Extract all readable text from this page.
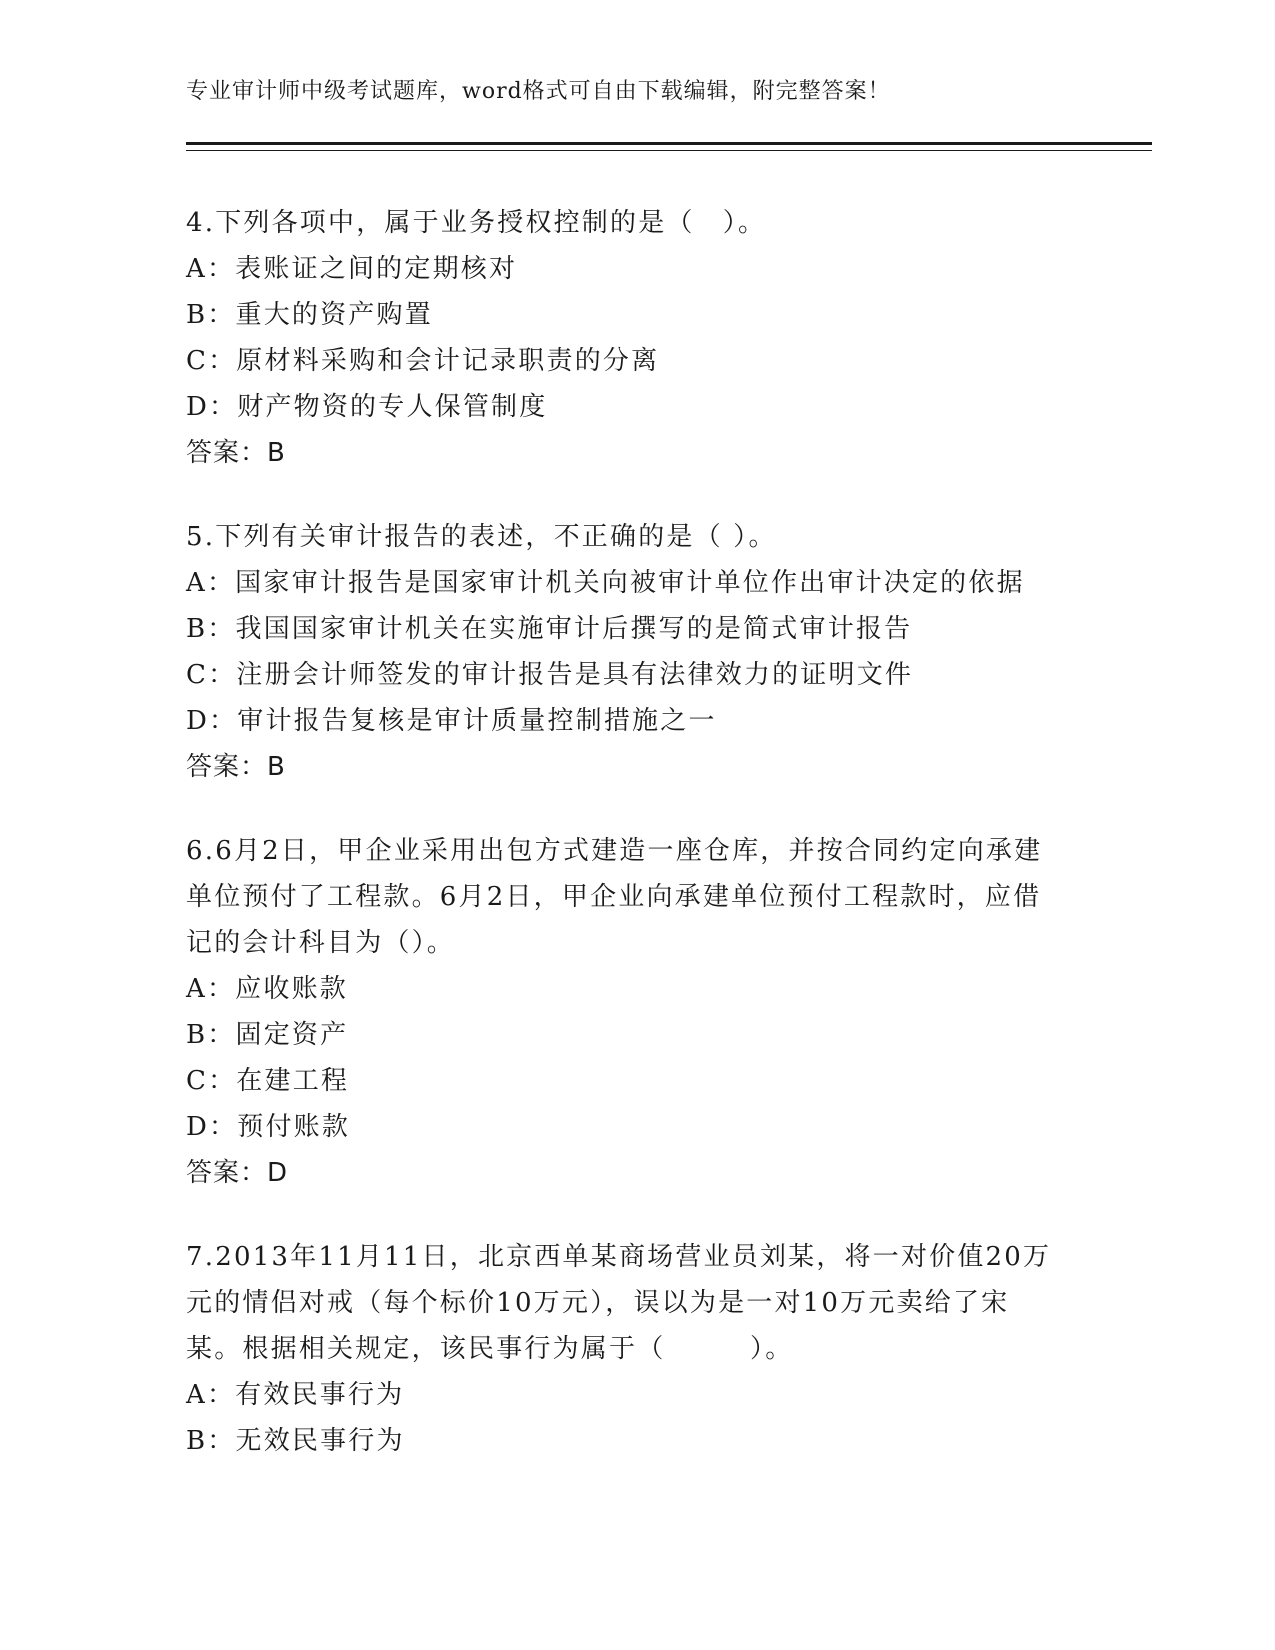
专业审计师中级考试题库，word格式可自由下载编辑，附完整答案！
4.下列各项中，属于业务授权控制的是（　）。
A：表账证之间的定期核对
B：重大的资产购置
C：原材料采购和会计记录职责的分离
D：财产物资的专人保管制度
答案：B
5.下列有关审计报告的表述，不正确的是（ ）。
A：国家审计报告是国家审计机关向被审计单位作出审计决定的依据
B：我国国家审计机关在实施审计后撰写的是简式审计报告
C：注册会计师签发的审计报告是具有法律效力的证明文件
D：审计报告复核是审计质量控制措施之一
答案：B
6.6月2日，甲企业采用出包方式建造一座仓库，并按合同约定向承建
单位预付了工程款。6月2日，甲企业向承建单位预付工程款时，应借
记的会计科目为（）。
A：应收账款
B：固定资产
C：在建工程
D：预付账款
答案：D
7.2013年11月11日，北京西单某商场营业员刘某，将一对价值20万
元的情侣对戒（每个标价10万元），误以为是一对10万元卖给了宋
某。根据相关规定，该民事行为属于（　　　）。
A：有效民事行为
B：无效民事行为
